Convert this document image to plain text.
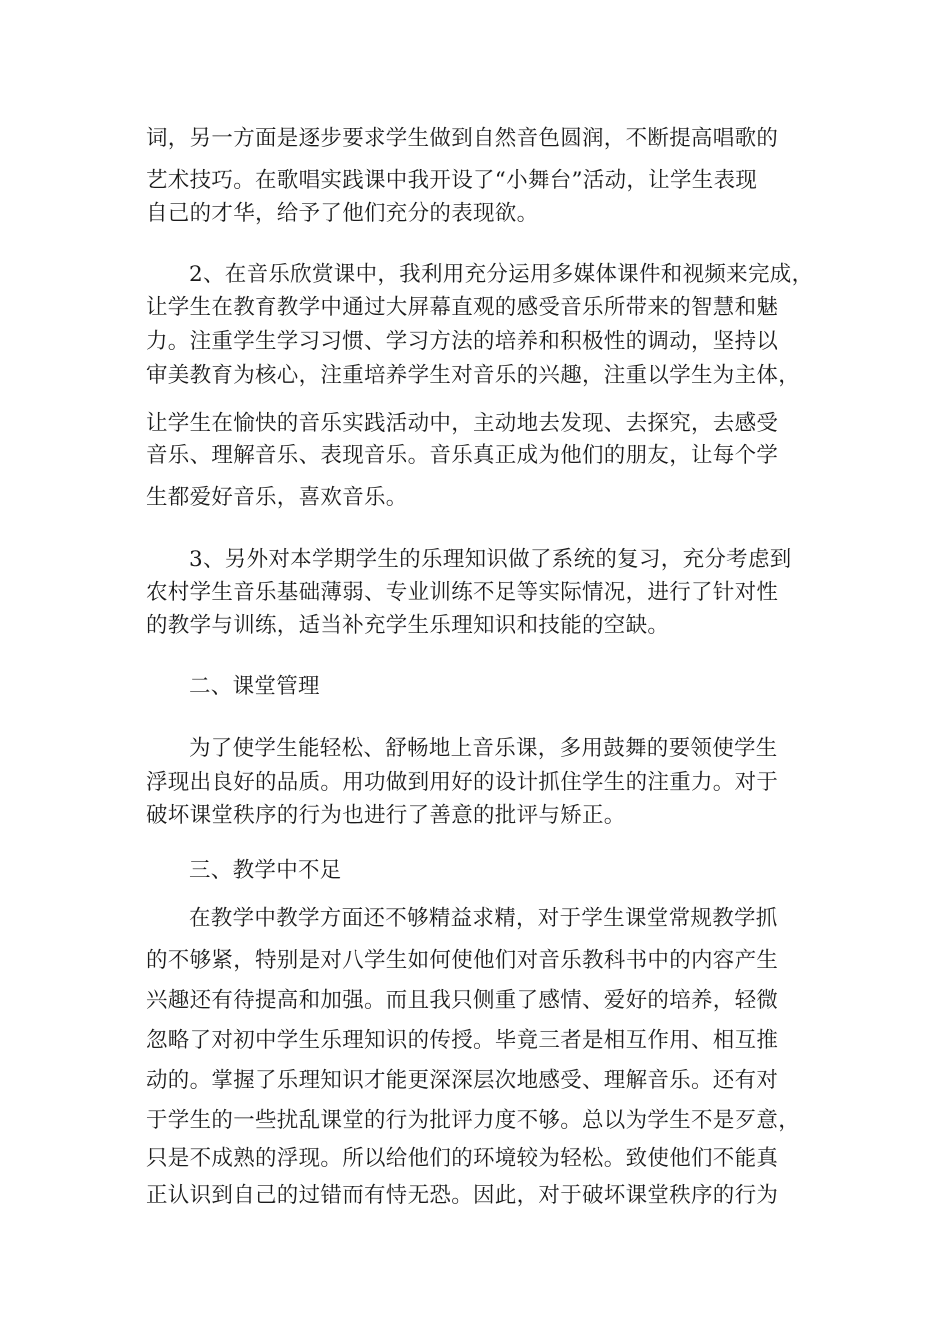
词，另一方面是逐步要求学生做到自然音色圆润，不断提高唱歌的
艺术技巧。在歌唱实践课中我开设了“小舞台”活动，让学生表现
自己的才华，给予了他们充分的表现欲。
2、在音乐欣赏课中，我利用充分运用多媒体课件和视频来完成，
让学生在教育教学中通过大屏幕直观的感受音乐所带来的智慧和魅
力。注重学生学习习惯、学习方法的培养和积极性的调动，坚持以
审美教育为核心，注重培养学生对音乐的兴趣，注重以学生为主体，
让学生在愉快的音乐实践活动中，主动地去发现、去探究，去感受
音乐、理解音乐、表现音乐。音乐真正成为他们的朋友，让每个学
生都爱好音乐，喜欢音乐。
3、另外对本学期学生的乐理知识做了系统的复习，充分考虑到
农村学生音乐基础薄弱、专业训练不足等实际情况，进行了针对性
的教学与训练，适当补充学生乐理知识和技能的空缺。
二、课堂管理
为了使学生能轻松、舒畅地上音乐课，多用鼓舞的要领使学生
浮现出良好的品质。用功做到用好的设计抓住学生的注重力。对于
破坏课堂秩序的行为也进行了善意的批评与矫正。
三、教学中不足
在教学中教学方面还不够精益求精，对于学生课堂常规教学抓
的不够紧，特别是对八学生如何使他们对音乐教科书中的内容产生
兴趣还有待提高和加强。而且我只侧重了感情、爱好的培养，轻微
忽略了对初中学生乐理知识的传授。毕竟三者是相互作用、相互推
动的。掌握了乐理知识才能更深深层次地感受、理解音乐。还有对
于学生的一些扰乱课堂的行为批评力度不够。总以为学生不是歹意，
只是不成熟的浮现。所以给他们的环境较为轻松。致使他们不能真
正认识到自己的过错而有恃无恐。因此，对于破坏课堂秩序的行为
